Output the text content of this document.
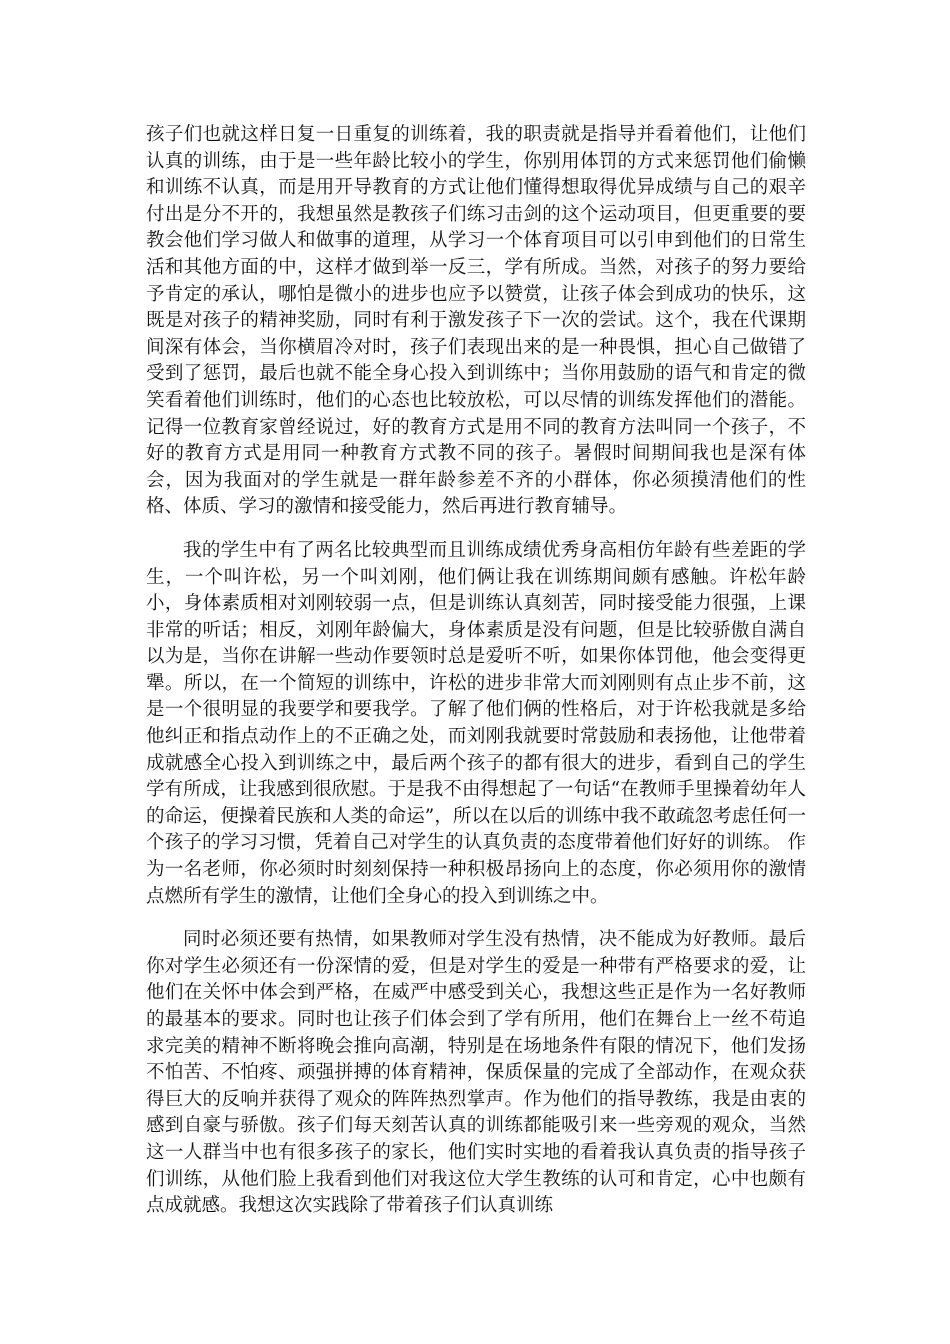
孩子们也就这样日复一日重复的训练着，我的职责就是指导并看着他们，让他们认真的训练，由于是一些年龄比较小的学生，你别用体罚的方式来惩罚他们偷懒和训练不认真，而是用开导教育的方式让他们懂得想取得优异成绩与自己的艰辛付出是分不开的，我想虽然是教孩子们练习击剑的这个运动项目，但更重要的要教会他们学习做人和做事的道理，从学习一个体育项目可以引申到他们的日常生活和其他方面的中，这样才做到举一反三，学有所成。当然，对孩子的努力要给予肯定的承认，哪怕是微小的进步也应予以赞赏，让孩子体会到成功的快乐，这既是对孩子的精神奖励，同时有利于激发孩子下一次的尝试。这个，我在代课期间深有体会，当你横眉冷对时，孩子们表现出来的是一种畏惧，担心自己做错了受到了惩罚，最后也就不能全身心投入到训练中；当你用鼓励的语气和肯定的微笑看着他们训练时，他们的心态也比较放松，可以尽情的训练发挥他们的潜能。 记得一位教育家曾经说过，好的教育方式是用不同的教育方法叫同一个孩子，不好的教育方式是用同一种教育方式教不同的孩子。暑假时间期间我也是深有体会，因为我面对的学生就是一群年龄参差不齐的小群体，你必须摸清他们的性格、体质、学习的激情和接受能力，然后再进行教育辅导。

我的学生中有了两名比较典型而且训练成绩优秀身高相仿年龄有些差距的学生，一个叫许松，另一个叫刘刚，他们俩让我在训练期间颇有感触。许松年龄小，身体素质相对刘刚较弱一点，但是训练认真刻苦，同时接受能力很强，上课非常的听话；相反，刘刚年龄偏大，身体素质是没有问题，但是比较骄傲自满自以为是，当你在讲解一些动作要领时总是爱听不听，如果你体罚他，他会变得更犟。所以，在一个简短的训练中，许松的进步非常大而刘刚则有点止步不前，这是一个很明显的我要学和要我学。了解了他们俩的性格后，对于许松我就是多给他纠正和指点动作上的不正确之处，而刘刚我就要时常鼓励和表扬他，让他带着成就感全心投入到训练之中，最后两个孩子的都有很大的进步，看到自己的学生学有所成，让我感到很欣慰。于是我不由得想起了一句话“在教师手里操着幼年人的命运，便操着民族和人类的命运”，所以在以后的训练中我不敢疏忽考虑任何一个孩子的学习习惯，凭着自己对学生的认真负责的态度带着他们好好的训练。 作为一名老师，你必须时时刻刻保持一种积极昂扬向上的态度，你必须用你的激情点燃所有学生的激情，让他们全身心的投入到训练之中。

同时必须还要有热情，如果教师对学生没有热情，决不能成为好教师。最后你对学生必须还有一份深情的爱，但是对学生的爱是一种带有严格要求的爱，让他们在关怀中体会到严格，在威严中感受到关心，我想这些正是作为一名好教师的最基本的要求。同时也让孩子们体会到了学有所用，他们在舞台上一丝不苟追求完美的精神不断将晚会推向高潮，特别是在场地条件有限的情况下，他们发扬不怕苦、不怕疼、顽强拼搏的体育精神，保质保量的完成了全部动作，在观众获得巨大的反响并获得了观众的阵阵热烈掌声。作为他们的指导教练，我是由衷的感到自豪与骄傲。孩子们每天刻苦认真的训练都能吸引来一些旁观的观众，当然这一人群当中也有很多孩子的家长，他们实时实地的看着我认真负责的指导孩子们训练，从他们脸上我看到他们对我这位大学生教练的认可和肯定，心中也颇有点成就感。我想这次实践除了带着孩子们认真训练
